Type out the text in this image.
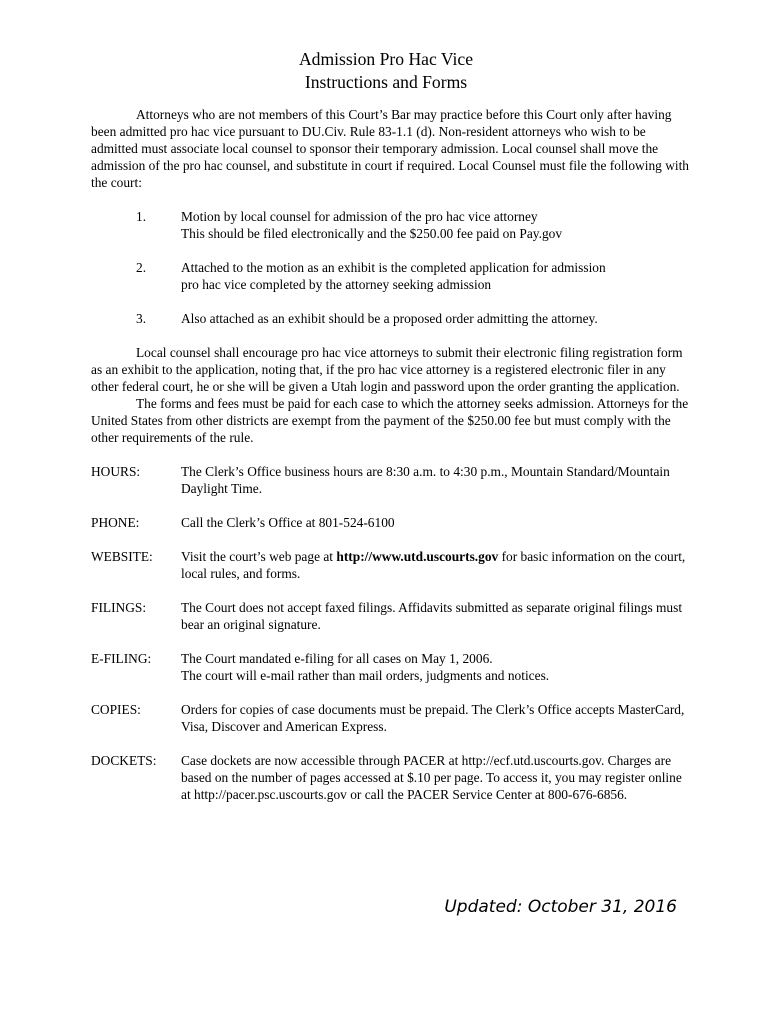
Admission Pro Hac Vice
Instructions and Forms

Attorneys who are not members of this Court’s Bar may practice before this Court only after having been admitted pro hac vice pursuant to DU.Civ. Rule 83-1.1 (d). Non-resident attorneys who wish to be admitted must associate local counsel to sponsor their temporary admission. Local counsel shall move the admission of the pro hac counsel, and substitute in court if required. Local Counsel must file the following with the court:

1.	Motion by local counsel for admission of the pro hac vice attorney
This should be filed electronically and the $250.00 fee paid on Pay.gov
2.	Attached to the motion as an exhibit is the completed application for admission
pro hac vice completed by the attorney seeking admission
3.	Also attached as an exhibit should be a proposed order admitting the attorney.

Local counsel shall encourage pro hac vice attorneys to submit their electronic filing registration form as an exhibit to the application, noting that, if the pro hac vice attorney is a registered electronic filer in any other federal court, he or she will be given a Utah login and password upon the order granting the application.

The forms and fees must be paid for each case to which the attorney seeks admission. Attorneys for the United States from other districts are exempt from the payment of the $250.00 fee but must comply with the other requirements of the rule.

HOURS:	The Clerk’s Office business hours are 8:30 a.m. to 4:30 p.m., Mountain Standard/Mountain Daylight Time.
PHONE:	Call the Clerk’s Office at 801-524-6100
WEBSITE:	Visit the court’s web page at http://www.utd.uscourts.gov for basic information on the court, local rules, and forms.
FILINGS:	The Court does not accept faxed filings. Affidavits submitted as separate original filings must bear an original signature.
E-FILING:	The Court mandated e-filing for all cases on May 1, 2006.
The court will e-mail rather than mail orders, judgments and notices.
COPIES:	Orders for copies of case documents must be prepaid. The Clerk’s Office accepts MasterCard, Visa, Discover and American Express.
DOCKETS:	Case dockets are now accessible through PACER at http://ecf.utd.uscourts.gov. Charges are based on the number of pages accessed at $.10 per page. To access it, you may register online at http://pacer.psc.uscourts.gov or call the PACER Service Center at 800-676-6856.
Updated: October 31, 2016
